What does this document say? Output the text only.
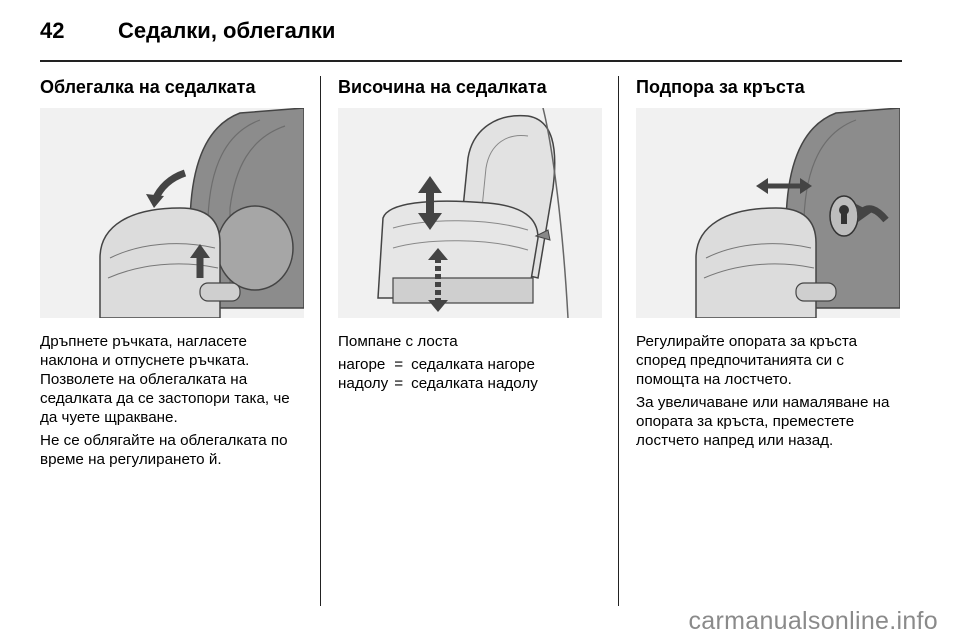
42 Седалки, облегалки
Облегалка на седалката

Дръпнете ръчката, нагласете наклона и отпуснете ръчката. Позволете на облегалката на седалката да се застопори така, че да чуете щракване.

Не се облягайте на облегалката по време на регулирането й.

Височина на седалката

Помпане с лоста

нагоре	=	седалката нагоре
надолу	=	седалката надолу
Подпора за кръста

Регулирайте опората за кръста според предпочитанията си с помощта на лостчето.

За увеличаване или намаляване на опората за кръста, преместете лостчето напред или назад.

carmanualsonline.info
